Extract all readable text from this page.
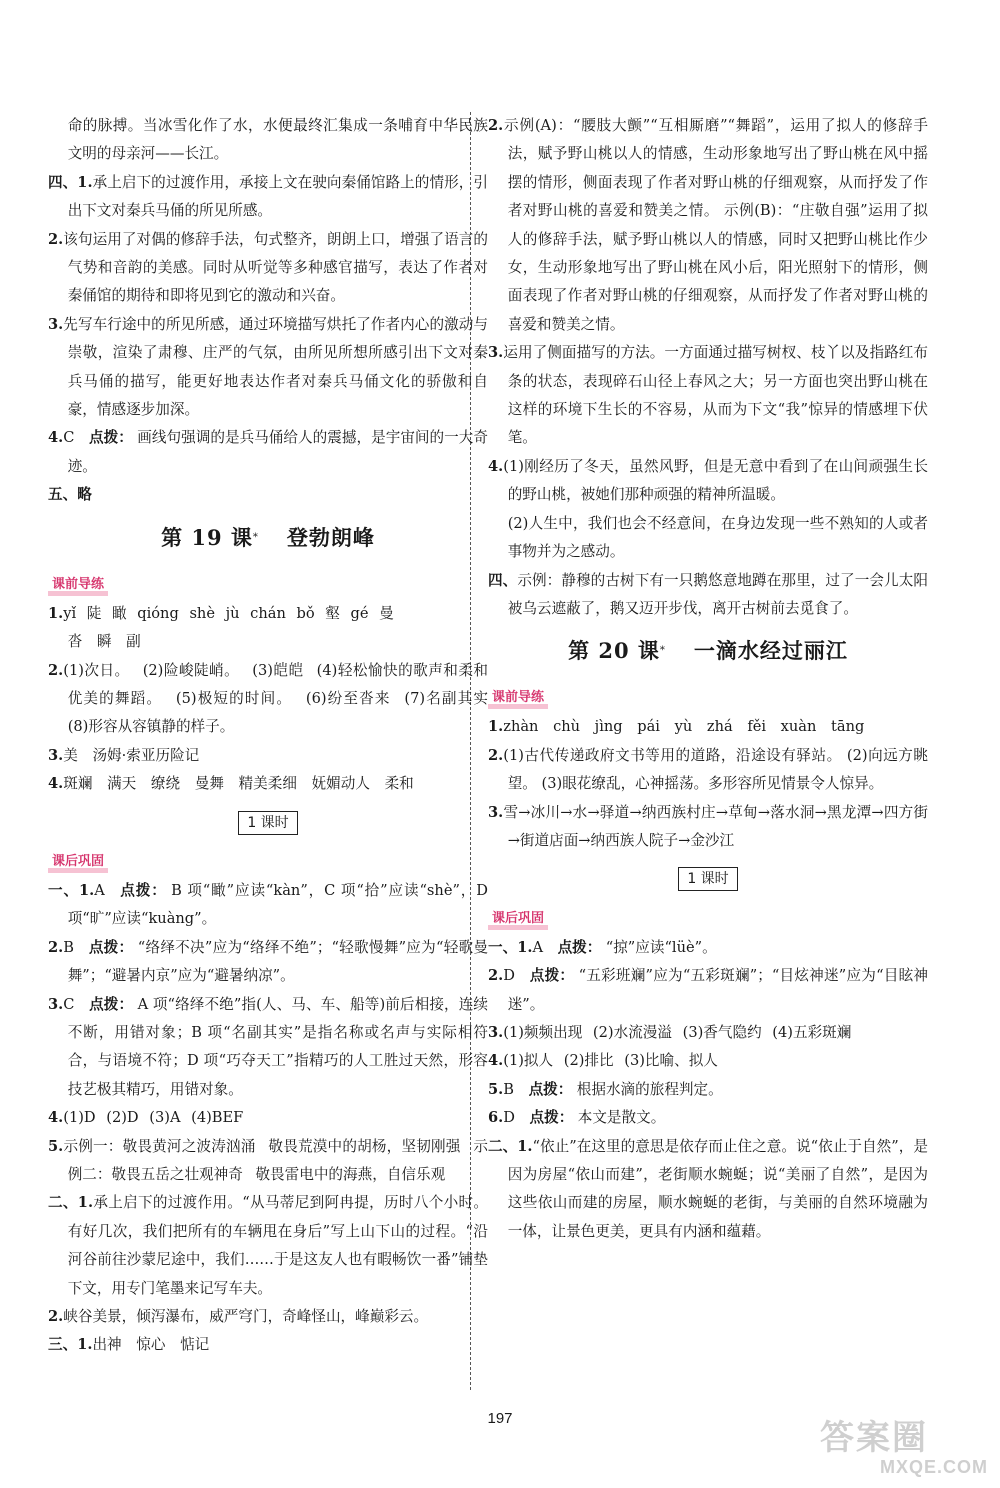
命的脉搏。当冰雪化作了水，水便最终汇集成一条哺育中华民族文明的母亲河——长江。

四、1.承上启下的过渡作用，承接上文在驶向秦俑馆路上的情形，引出下文对秦兵马俑的所见所感。

2.该句运用了对偶的修辞手法，句式整齐，朗朗上口，增强了语言的气势和音韵的美感。同时从听觉等多种感官描写，表达了作者对秦俑馆的期待和即将见到它的激动和兴奋。

3.先写车行途中的所见所感，通过环境描写烘托了作者内心的激动与崇敬，渲染了肃穆、庄严的气氛，由所见所想所感引出下文对秦兵马俑的描写，能更好地表达作者对秦兵马俑文化的骄傲和自豪，情感逐步加深。

4.C 点拨： 画线句强调的是兵马俑给人的震撼，是宇宙间的一大奇迹。

五、略

第 19 课* 登勃朗峰
课前导练

1.yǐ 陡 瞰 qióng shè jù chán bǒ 壑 gé 曼
沓 瞬 副

2.(1)次日。 (2)险峻陡峭。 (3)皑皑 (4)轻松愉快的歌声和柔和优美的舞蹈。 (5)极短的时间。 (6)纷至沓来 (7)名副其实 (8)形容从容镇静的样子。

3.美 汤姆·索亚历险记

4.斑斓 满天 缭绕 曼舞 精美柔细 妩媚动人 柔和

1 课时
课后巩固

一、1.A 点拨： B 项“瞰”应读“kàn”，C 项“拾”应读“shè”，D 项“旷”应读“kuàng”。

2.B 点拨： “络绎不决”应为“络绎不绝”；“轻歌慢舞”应为“轻歌曼舞”；“避暑内京”应为“避暑纳凉”。

3.C 点拨： A 项“络绎不绝”指(人、马、车、船等)前后相接，连续不断，用错对象；B 项“名副其实”是指名称或名声与实际相符合，与语境不符；D 项“巧夺天工”指精巧的人工胜过天然，形容技艺极其精巧，用错对象。

4.(1)D (2)D (3)A (4)BEF

5.示例一：敬畏黄河之波涛汹涌 敬畏荒漠中的胡杨，坚韧刚强 示例二：敬畏五岳之壮观神奇 敬畏雷电中的海燕，自信乐观

二、1.承上启下的过渡作用。“从马蒂尼到阿冉提，历时八个小时。有好几次，我们把所有的车辆甩在身后”写上山下山的过程。“沿河谷前往沙蒙尼途中，我们……于是这友人也有暇畅饮一番”铺垫下文，用专门笔墨来记写车夫。

2.峡谷美景，倾泻瀑布，威严穹门，奇峰怪山，峰巅彩云。

三、1.出神 惊心 惦记

2.示例(A)：“腰肢大颤”“互相厮磨”“舞蹈”，运用了拟人的修辞手法，赋予野山桃以人的情感，生动形象地写出了野山桃在风中摇摆的情形，侧面表现了作者对野山桃的仔细观察，从而抒发了作者对野山桃的喜爱和赞美之情。 示例(B)：“庄敬自强”运用了拟人的修辞手法，赋予野山桃以人的情感，同时又把野山桃比作少女，生动形象地写出了野山桃在风小后，阳光照射下的情形，侧面表现了作者对野山桃的仔细观察，从而抒发了作者对野山桃的喜爱和赞美之情。

3.运用了侧面描写的方法。一方面通过描写树杈、枝丫以及指路红布条的状态，表现碎石山径上春风之大；另一方面也突出野山桃在这样的环境下生长的不容易，从而为下文“我”惊异的情感埋下伏笔。

4.(1)刚经历了冬天，虽然风野，但是无意中看到了在山间顽强生长的野山桃，被她们那种顽强的精神所温暖。

(2)人生中，我们也会不经意间，在身边发现一些不熟知的人或者事物并为之感动。

四、示例：静穆的古树下有一只鹅悠意地蹲在那里，过了一会儿太阳被乌云遮蔽了，鹅又迈开步伐，离开古树前去觅食了。

第 20 课* 一滴水经过丽江
课前导练

1.zhàn chù jìng pái yù zhá fěi xuàn tāng

2.(1)古代传递政府文书等用的道路，沿途设有驿站。 (2)向远方眺望。 (3)眼花缭乱，心神摇荡。多形容所见情景令人惊异。

3.雪→冰川→水→驿道→纳西族村庄→草甸→落水洞→黑龙潭→四方街→街道店面→纳西族人院子→金沙江

1 课时
课后巩固

一、1.A 点拨： “掠”应读“lüè”。

2.D 点拨： “五彩班斓”应为“五彩斑斓”；“目炫神迷”应为“目眩神迷”。

3.(1)频频出现 (2)水流漫溢 (3)香气隐约 (4)五彩斑斓

4.(1)拟人 (2)排比 (3)比喻、拟人

5.B 点拨： 根据水滴的旅程判定。

6.D 点拨： 本文是散文。

二、1.“依止”在这里的意思是依存而止住之意。说“依止于自然”，是因为房屋“依山而建”，老街顺水蜿蜒；说“美丽了自然”，是因为这些依山而建的房屋，顺水蜿蜒的老街，与美丽的自然环境融为一体，让景色更美，更具有内涵和蕴藉。

197
答案圈
MXQE.COM
